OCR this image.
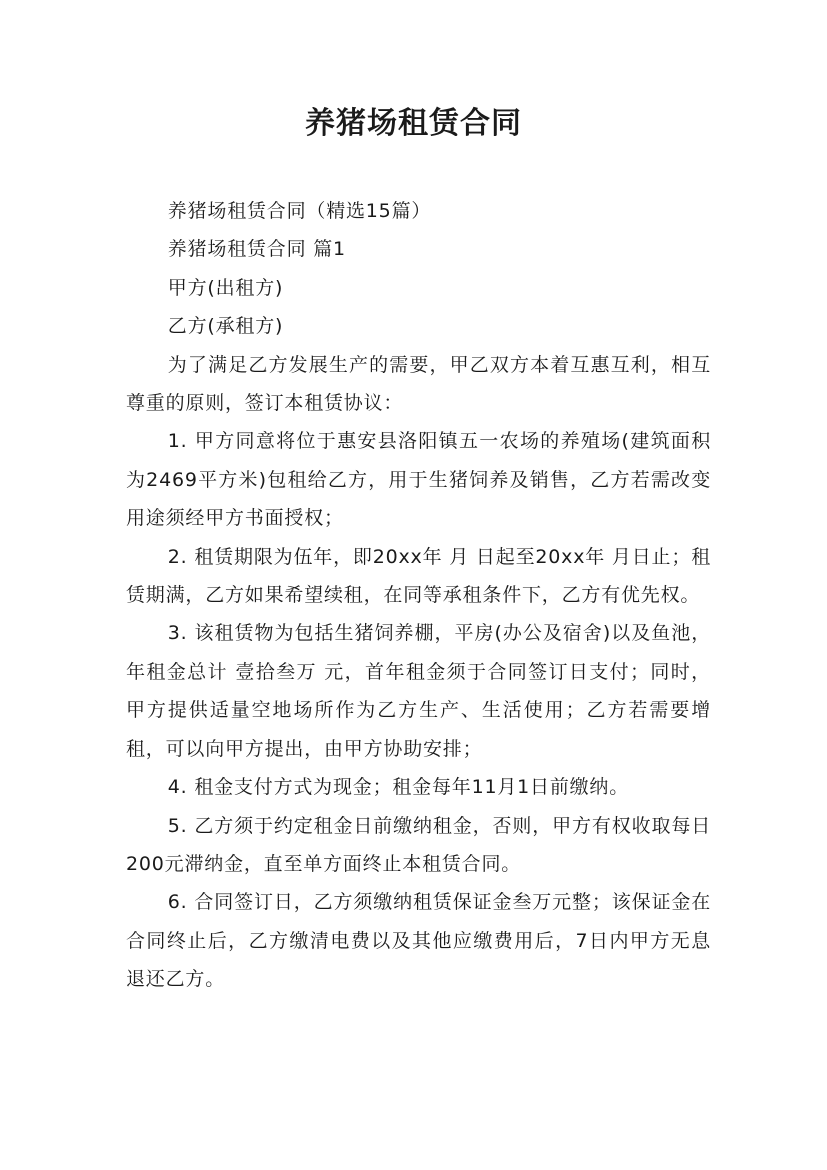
养猪场租赁合同

养猪场租赁合同（精选15篇）

养猪场租赁合同 篇1

甲方(出租方)

乙方(承租方)

为了满足乙方发展生产的需要，甲乙双方本着互惠互利，相互尊重的原则，签订本租赁协议：

1. 甲方同意将位于惠安县洛阳镇五一农场的养殖场(建筑面积为2469平方米)包租给乙方，用于生猪饲养及销售，乙方若需改变用途须经甲方书面授权；

2. 租赁期限为伍年，即20xx年 月 日起至20xx年 月日止；租赁期满，乙方如果希望续租，在同等承租条件下，乙方有优先权。

3. 该租赁物为包括生猪饲养棚，平房(办公及宿舍)以及鱼池，年租金总计 壹拾叁万 元，首年租金须于合同签订日支付；同时，甲方提供适量空地场所作为乙方生产、生活使用；乙方若需要增租，可以向甲方提出，由甲方协助安排；

4. 租金支付方式为现金；租金每年11月1日前缴纳。

5. 乙方须于约定租金日前缴纳租金，否则，甲方有权收取每日200元滞纳金，直至单方面终止本租赁合同。

6. 合同签订日，乙方须缴纳租赁保证金叁万元整；该保证金在合同终止后，乙方缴清电费以及其他应缴费用后，7日内甲方无息退还乙方。
